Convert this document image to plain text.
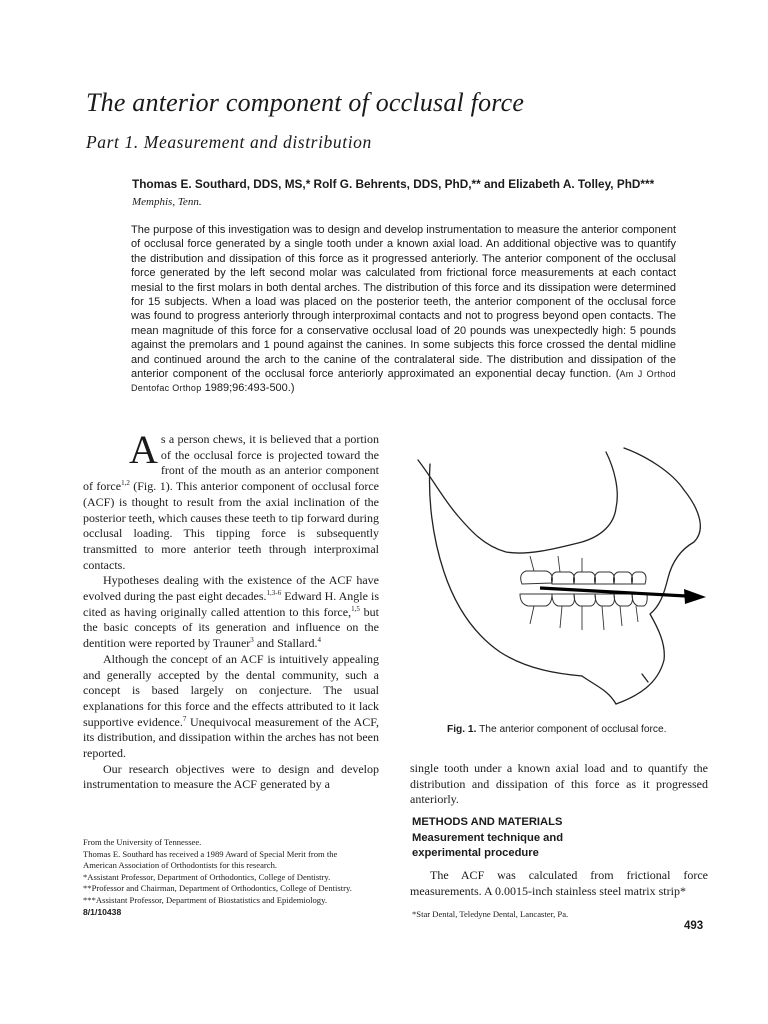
The anterior component of occlusal force
Part 1. Measurement and distribution
Thomas E. Southard, DDS, MS,* Rolf G. Behrents, DDS, PhD,** and Elizabeth A. Tolley, PhD***
Memphis, Tenn.

The purpose of this investigation was to design and develop instrumentation to measure the anterior component of occlusal force generated by a single tooth under a known axial load. An additional objective was to quantify the distribution and dissipation of this force as it progressed anteriorly. The anterior component of the occlusal force generated by the left second molar was calculated from frictional force measurements at each contact mesial to the first molars in both dental arches. The distribution of this force and its dissipation were determined for 15 subjects. When a load was placed on the posterior teeth, the anterior component of the occlusal force was found to progress anteriorly through interproximal contacts and not to progress beyond open contacts. The mean magnitude of this force for a conservative occlusal load of 20 pounds was unexpectedly high: 5 pounds against the premolars and 1 pound against the canines. In some subjects this force crossed the dental midline and continued around the arch to the canine of the contralateral side. The distribution and dissipation of the anterior component of the occlusal force anteriorly approximated an exponential decay function. (Am J Orthod Dentofac Orthop 1989;96:493-500.)

As a person chews, it is believed that a portion of the occlusal force is projected toward the front of the mouth as an anterior component of force$^{1,2}$ (Fig. 1). This anterior component of occlusal force (ACF) is thought to result from the axial inclination of the posterior teeth, which causes these teeth to tip forward during occlusal loading. This tipping force is subsequently transmitted to more anterior teeth through interproximal contacts.

Hypotheses dealing with the existence of the ACF have evolved during the past eight decades.$^{1,3-6}$ Edward H. Angle is cited as having originally called attention to this force,$^{1,5}$ but the basic concepts of its generation and influence on the dentition were reported by Trauner$^3$ and Stallard.$^4$

Although the concept of an ACF is intuitively appealing and generally accepted by the dental community, such a concept is based largely on conjecture. The usual explanations for this force and the effects attributed to it lack supportive evidence.$^7$ Unequivocal measurement of the ACF, its distribution, and dissipation within the arches has not been reported.

Our research objectives were to design and develop instrumentation to measure the ACF generated by a

From the University of Tennessee.
Thomas E. Southard has received a 1989 Award of Special Merit from the
American Association of Orthodontists for this research.
*Assistant Professor, Department of Orthodontics, College of Dentistry.
**Professor and Chairman, Department of Orthodontics, College of Dentistry.
***Assistant Professor, Department of Biostatistics and Epidemiology.
8/1/10438
Fig. 1. The anterior component of occlusal force.

single tooth under a known axial load and to quantify the distribution and dissipation of this force as it progressed anteriorly.

METHODS AND MATERIALS
Measurement technique and
experimental procedure

The ACF was calculated from frictional force measurements. A 0.0015-inch stainless steel matrix strip*

*Star Dental, Teledyne Dental, Lancaster, Pa.
493
